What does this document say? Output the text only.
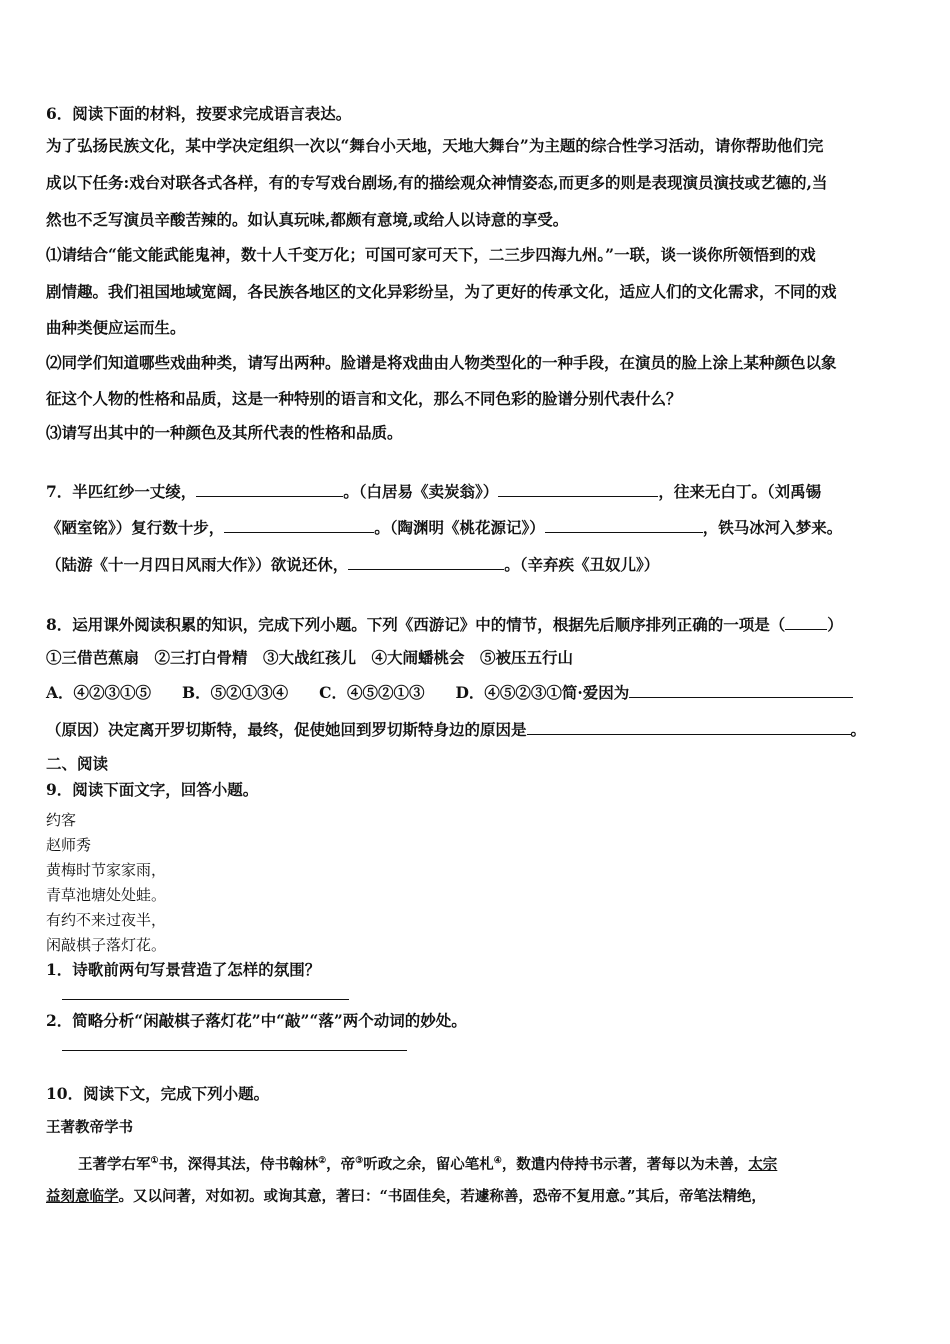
6．阅读下面的材料，按要求完成语言表达。
为了弘扬民族文化，某中学决定组织一次以“舞台小天地，天地大舞台”为主题的综合性学习活动，请你帮助他们完
成以下任务:戏台对联各式各样，有的专写戏台剧场,有的描绘观众神情姿态,而更多的则是表现演员演技或艺德的,当
然也不乏写演员辛酸苦辣的。如认真玩味,都颇有意境,或给人以诗意的享受。
⑴请结合“能文能武能鬼神，数十人千变万化；可国可家可天下，二三步四海九州。”一联，谈一谈你所领悟到的戏
剧情趣。我们祖国地域宽阔，各民族各地区的文化异彩纷呈，为了更好的传承文化，适应人们的文化需求，不同的戏
曲种类便应运而生。
⑵同学们知道哪些戏曲种类，请写出两种。脸谱是将戏曲由人物类型化的一种手段，在演员的脸上涂上某种颜色以象
征这个人物的性格和品质，这是一种特别的语言和文化，那么不同色彩的脸谱分别代表什么？
⑶请写出其中的一种颜色及其所代表的性格和品质。
7．半匹红纱一丈绫，	。（白居易《卖炭翁》）	，往来无白丁。（刘禹锡
《陋室铭》）复行数十步，	。（陶渊明《桃花源记》）	，铁马冰河入梦来。
（陆游《十一月四日风雨大作》）欲说还休，	。（辛弃疾《丑奴儿》）
8．运用课外阅读积累的知识，完成下列小题。下列《西游记》中的情节，根据先后顺序排列正确的一项是（	）
①三借芭蕉扇　②三打白骨精　③大战红孩儿　④大闹蟠桃会　⑤被压五行山
A．④②③①⑤　　B．⑤②①③④　　C．④⑤②①③　　D．④⑤②③①简·爱因为
（原因）决定离开罗切斯特，最终，促使她回到罗切斯特身边的原因是	。
二、阅读
9．阅读下面文字，回答小题。
约客
赵师秀
黄梅时节家家雨，
青草池塘处处蛙。
有约不来过夜半，
闲敲棋子落灯花。
1．诗歌前两句写景营造了怎样的氛围？
2．简略分析“闲敲棋子落灯花”中“敲”“落”两个动词的妙处。
10．阅读下文，完成下列小题。
王著教帝学书
王著学右军①书，深得其法，侍书翰林②，帝③听政之余，留心笔札④，数遣内侍持书示著，著每以为未善，太宗
益刻意临学。又以问著，对如初。或询其意，著曰：“书固佳矣，若遽称善，恐帝不复用意。”其后，帝笔法精绝，
